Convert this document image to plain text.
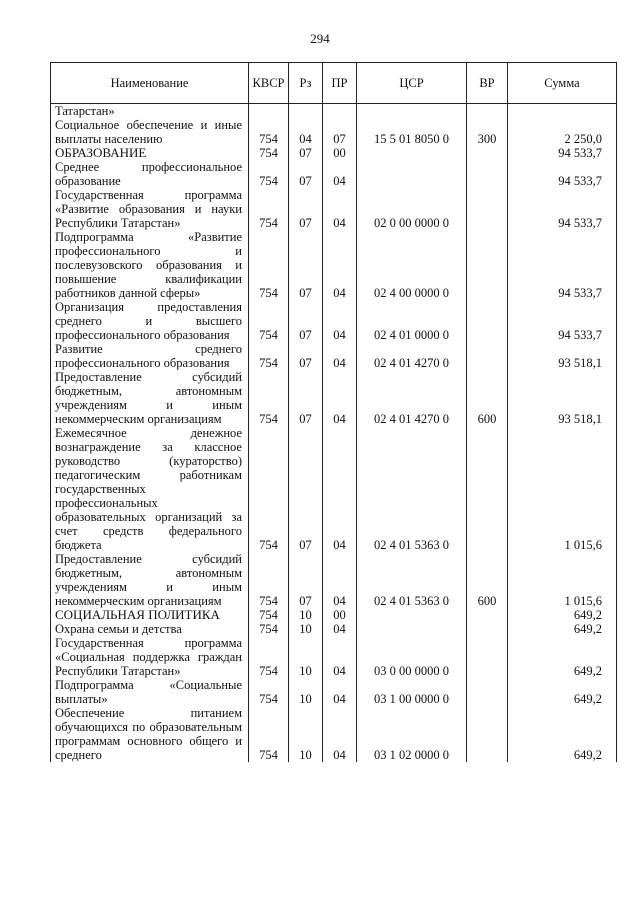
294
Наименование	КВСР	Рз	ПР	ЦСР	ВР	Сумма
Татарстан»						
Социальное обеспечение и иные выплаты населению	754	04	07	15 5 01 8050 0	300	2 250,0
ОБРАЗОВАНИЕ	754	07	00			94 533,7
Среднее профессиональное образование	754	07	04			94 533,7
Государственная программа «Развитие образования и науки Республики Татарстан»	754	07	04	02 0 00 0000 0		94 533,7
Подпрограмма «Развитие профессионального и послевузовского образования и повышение квалификации работников данной сферы»	754	07	04	02 4 00 0000 0		94 533,7
Организация предоставления среднего и высшего профессионального образования	754	07	04	02 4 01 0000 0		94 533,7
Развитие среднего профессионального образования	754	07	04	02 4 01 4270 0		93 518,1
Предоставление субсидий бюджетным, автономным учреждениям и иным некоммерческим организациям	754	07	04	02 4 01 4270 0	600	93 518,1
Ежемесячное денежное вознаграждение за классное руководство (кураторство) педагогическим работникам государственных профессиональных образовательных организаций за счет средств федерального бюджета	754	07	04	02 4 01 5363 0		1 015,6
Предоставление субсидий бюджетным, автономным учреждениям и иным некоммерческим организациям	754	07	04	02 4 01 5363 0	600	1 015,6
СОЦИАЛЬНАЯ ПОЛИТИКА	754	10	00			649,2
Охрана семьи и детства	754	10	04			649,2
Государственная программа «Социальная поддержка граждан Республики Татарстан»	754	10	04	03 0 00 0000 0		649,2
Подпрограмма «Социальные выплаты»	754	10	04	03 1 00 0000 0		649,2
Обеспечение питанием обучающихся по образовательным программам основного общего и среднего	754	10	04	03 1 02 0000 0		649,2
